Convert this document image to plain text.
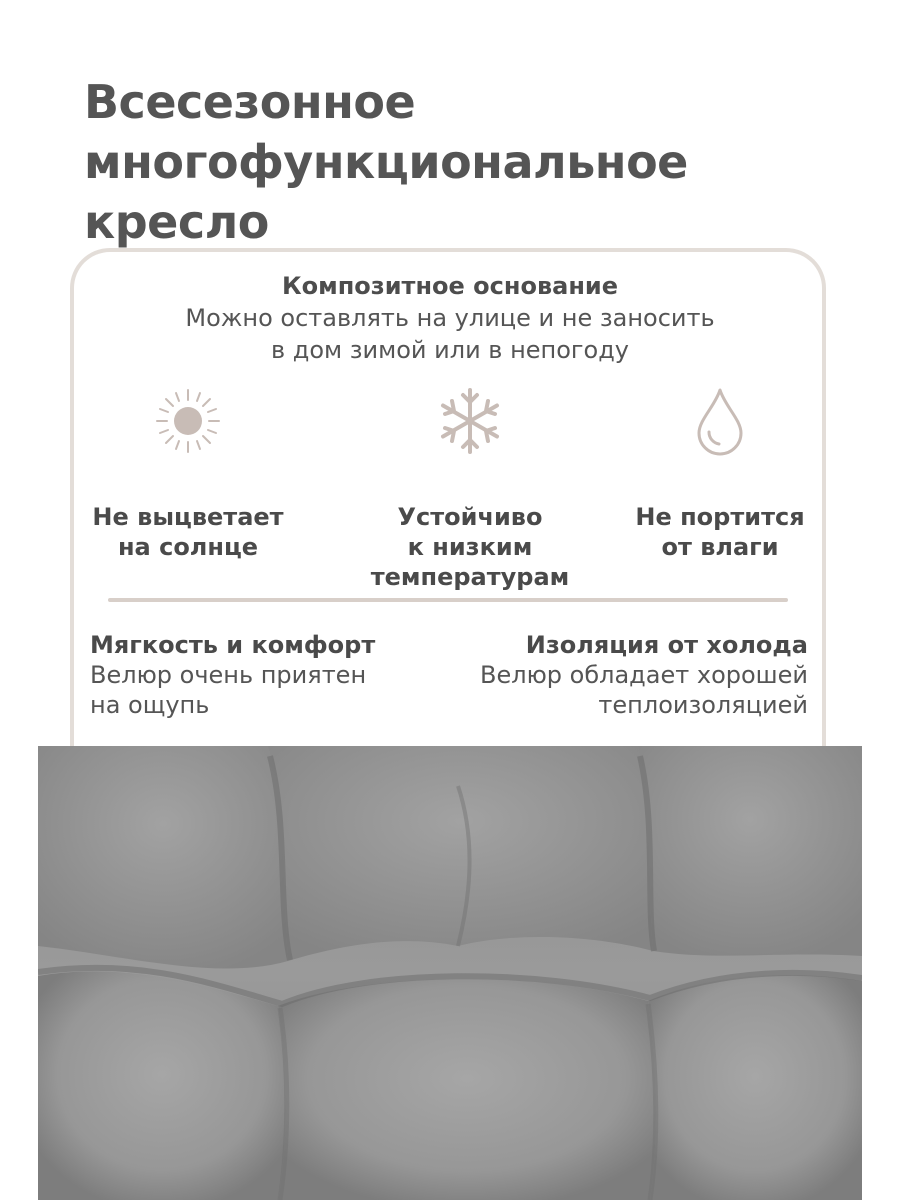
Всесезонное
многофункциональное
кресло
Композитное основание
Можно оставлять на улице и не заносить
в дом зимой или в непогоду
Не выцветает
на солнце
Устойчиво
к низким
температурам
Не портится
от влаги
Мягкость и комфорт
Велюр очень приятен
на ощупь
Изоляция от холода
Велюр обладает хорошей
теплоизоляцией
